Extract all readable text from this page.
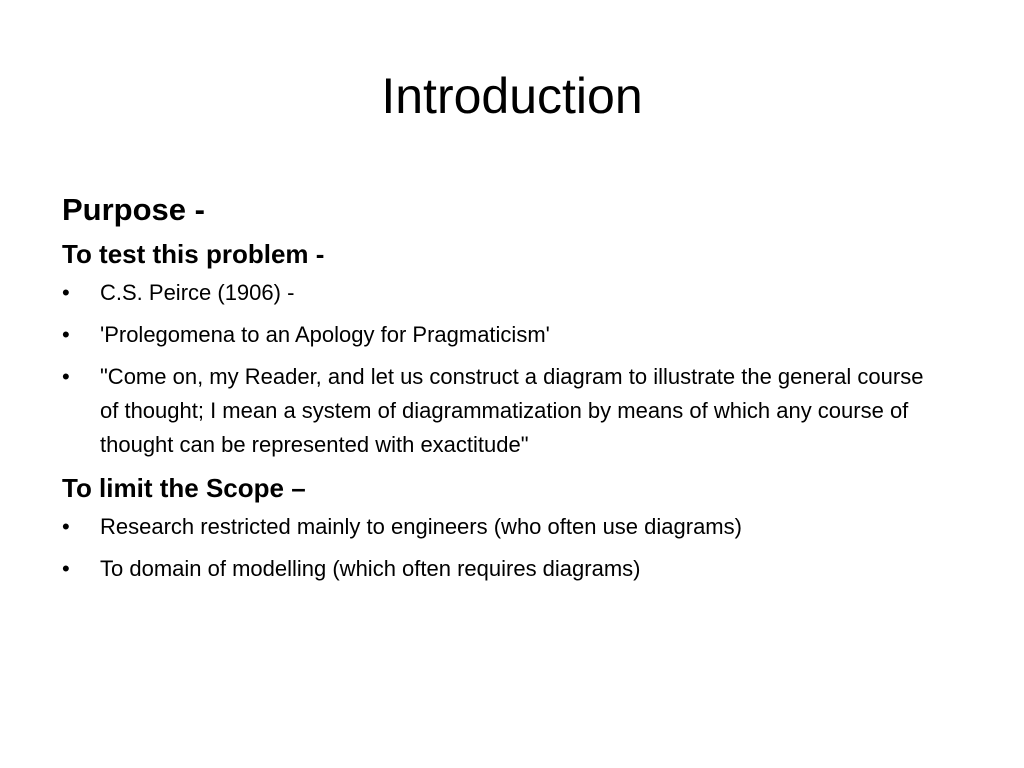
Introduction
Purpose -
To test this problem -
•	C.S. Peirce (1906) -
•	'Prolegomena to an Apology for Pragmaticism'
•	"Come on, my Reader, and let us construct a diagram to illustrate the general course of thought; I mean a system of diagrammatization by means of which any course of thought can be represented with exactitude"
To limit the Scope –
•	Research restricted mainly to engineers (who often use diagrams)
•	To domain of modelling (which often requires diagrams)
